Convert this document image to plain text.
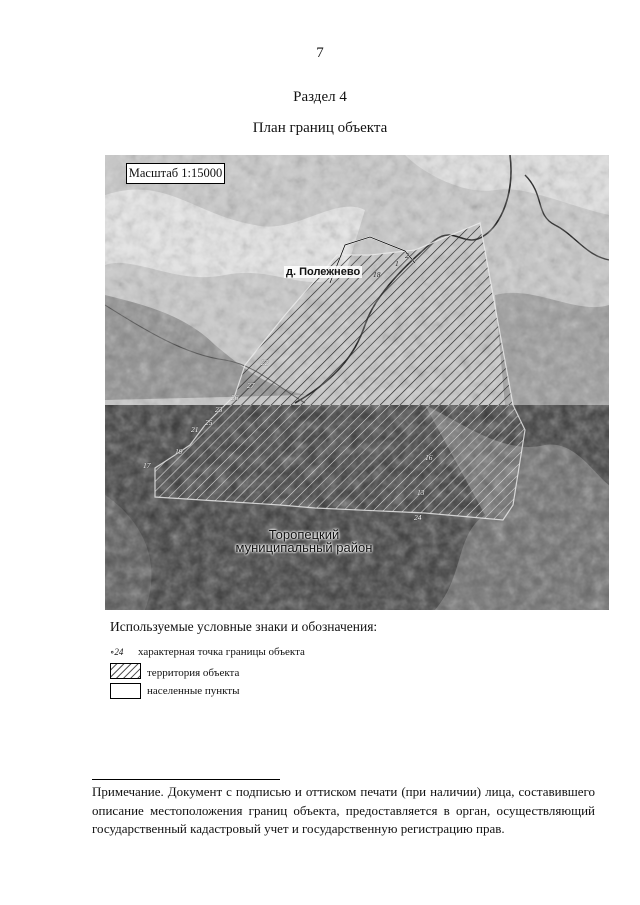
7
Раздел 4
План границ объекта
18
1
2
22
27
26
23
25
21
19
17
16
13
24
Масштаб 1:15000
д. Полежнево
Торопецкий
муниципальный район
Используемые условные знаки и обозначения:
∘24	характерная точка границы объекта
территория объекта
населенные пункты
Примечание. Документ с подписью и оттиском печати (при наличии) лица, составившего описание местоположения границ объекта, предоставляется в орган, осуществляющий государственный кадастровый учет и государственную регистрацию прав.
